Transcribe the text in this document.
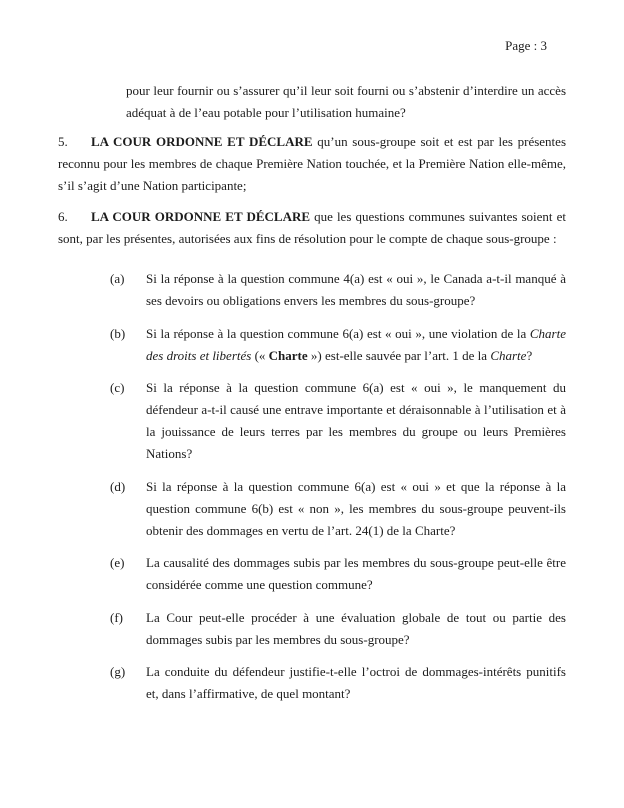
Page : 3
pour leur fournir ou s’assurer qu’il leur soit fourni ou s’abstenir d’interdire un accès adéquat à de l’eau potable pour l’utilisation humaine?
5. LA COUR ORDONNE ET DÉCLARE qu’un sous-groupe soit et est par les présentes reconnu pour les membres de chaque Première Nation touchée, et la Première Nation elle-même, s’il s’agit d’une Nation participante;
6. LA COUR ORDONNE ET DÉCLARE que les questions communes suivantes soient et sont, par les présentes, autorisées aux fins de résolution pour le compte de chaque sous-groupe :
(a) Si la réponse à la question commune 4(a) est « oui », le Canada a-t-il manqué à ses devoirs ou obligations envers les membres du sous-groupe?
(b) Si la réponse à la question commune 6(a) est « oui », une violation de la Charte des droits et libertés (« Charte ») est-elle sauvée par l’art. 1 de la Charte?
(c) Si la réponse à la question commune 6(a) est « oui », le manquement du défendeur a-t-il causé une entrave importante et déraisonnable à l’utilisation et à la jouissance de leurs terres par les membres du groupe ou leurs Premières Nations?
(d) Si la réponse à la question commune 6(a) est « oui » et que la réponse à la question commune 6(b) est « non », les membres du sous-groupe peuvent-ils obtenir des dommages en vertu de l’art. 24(1) de la Charte?
(e) La causalité des dommages subis par les membres du sous-groupe peut-elle être considérée comme une question commune?
(f) La Cour peut-elle procéder à une évaluation globale de tout ou partie des dommages subis par les membres du sous-groupe?
(g) La conduite du défendeur justifie-t-elle l’octroi de dommages-intérêts punitifs et, dans l’affirmative, de quel montant?
